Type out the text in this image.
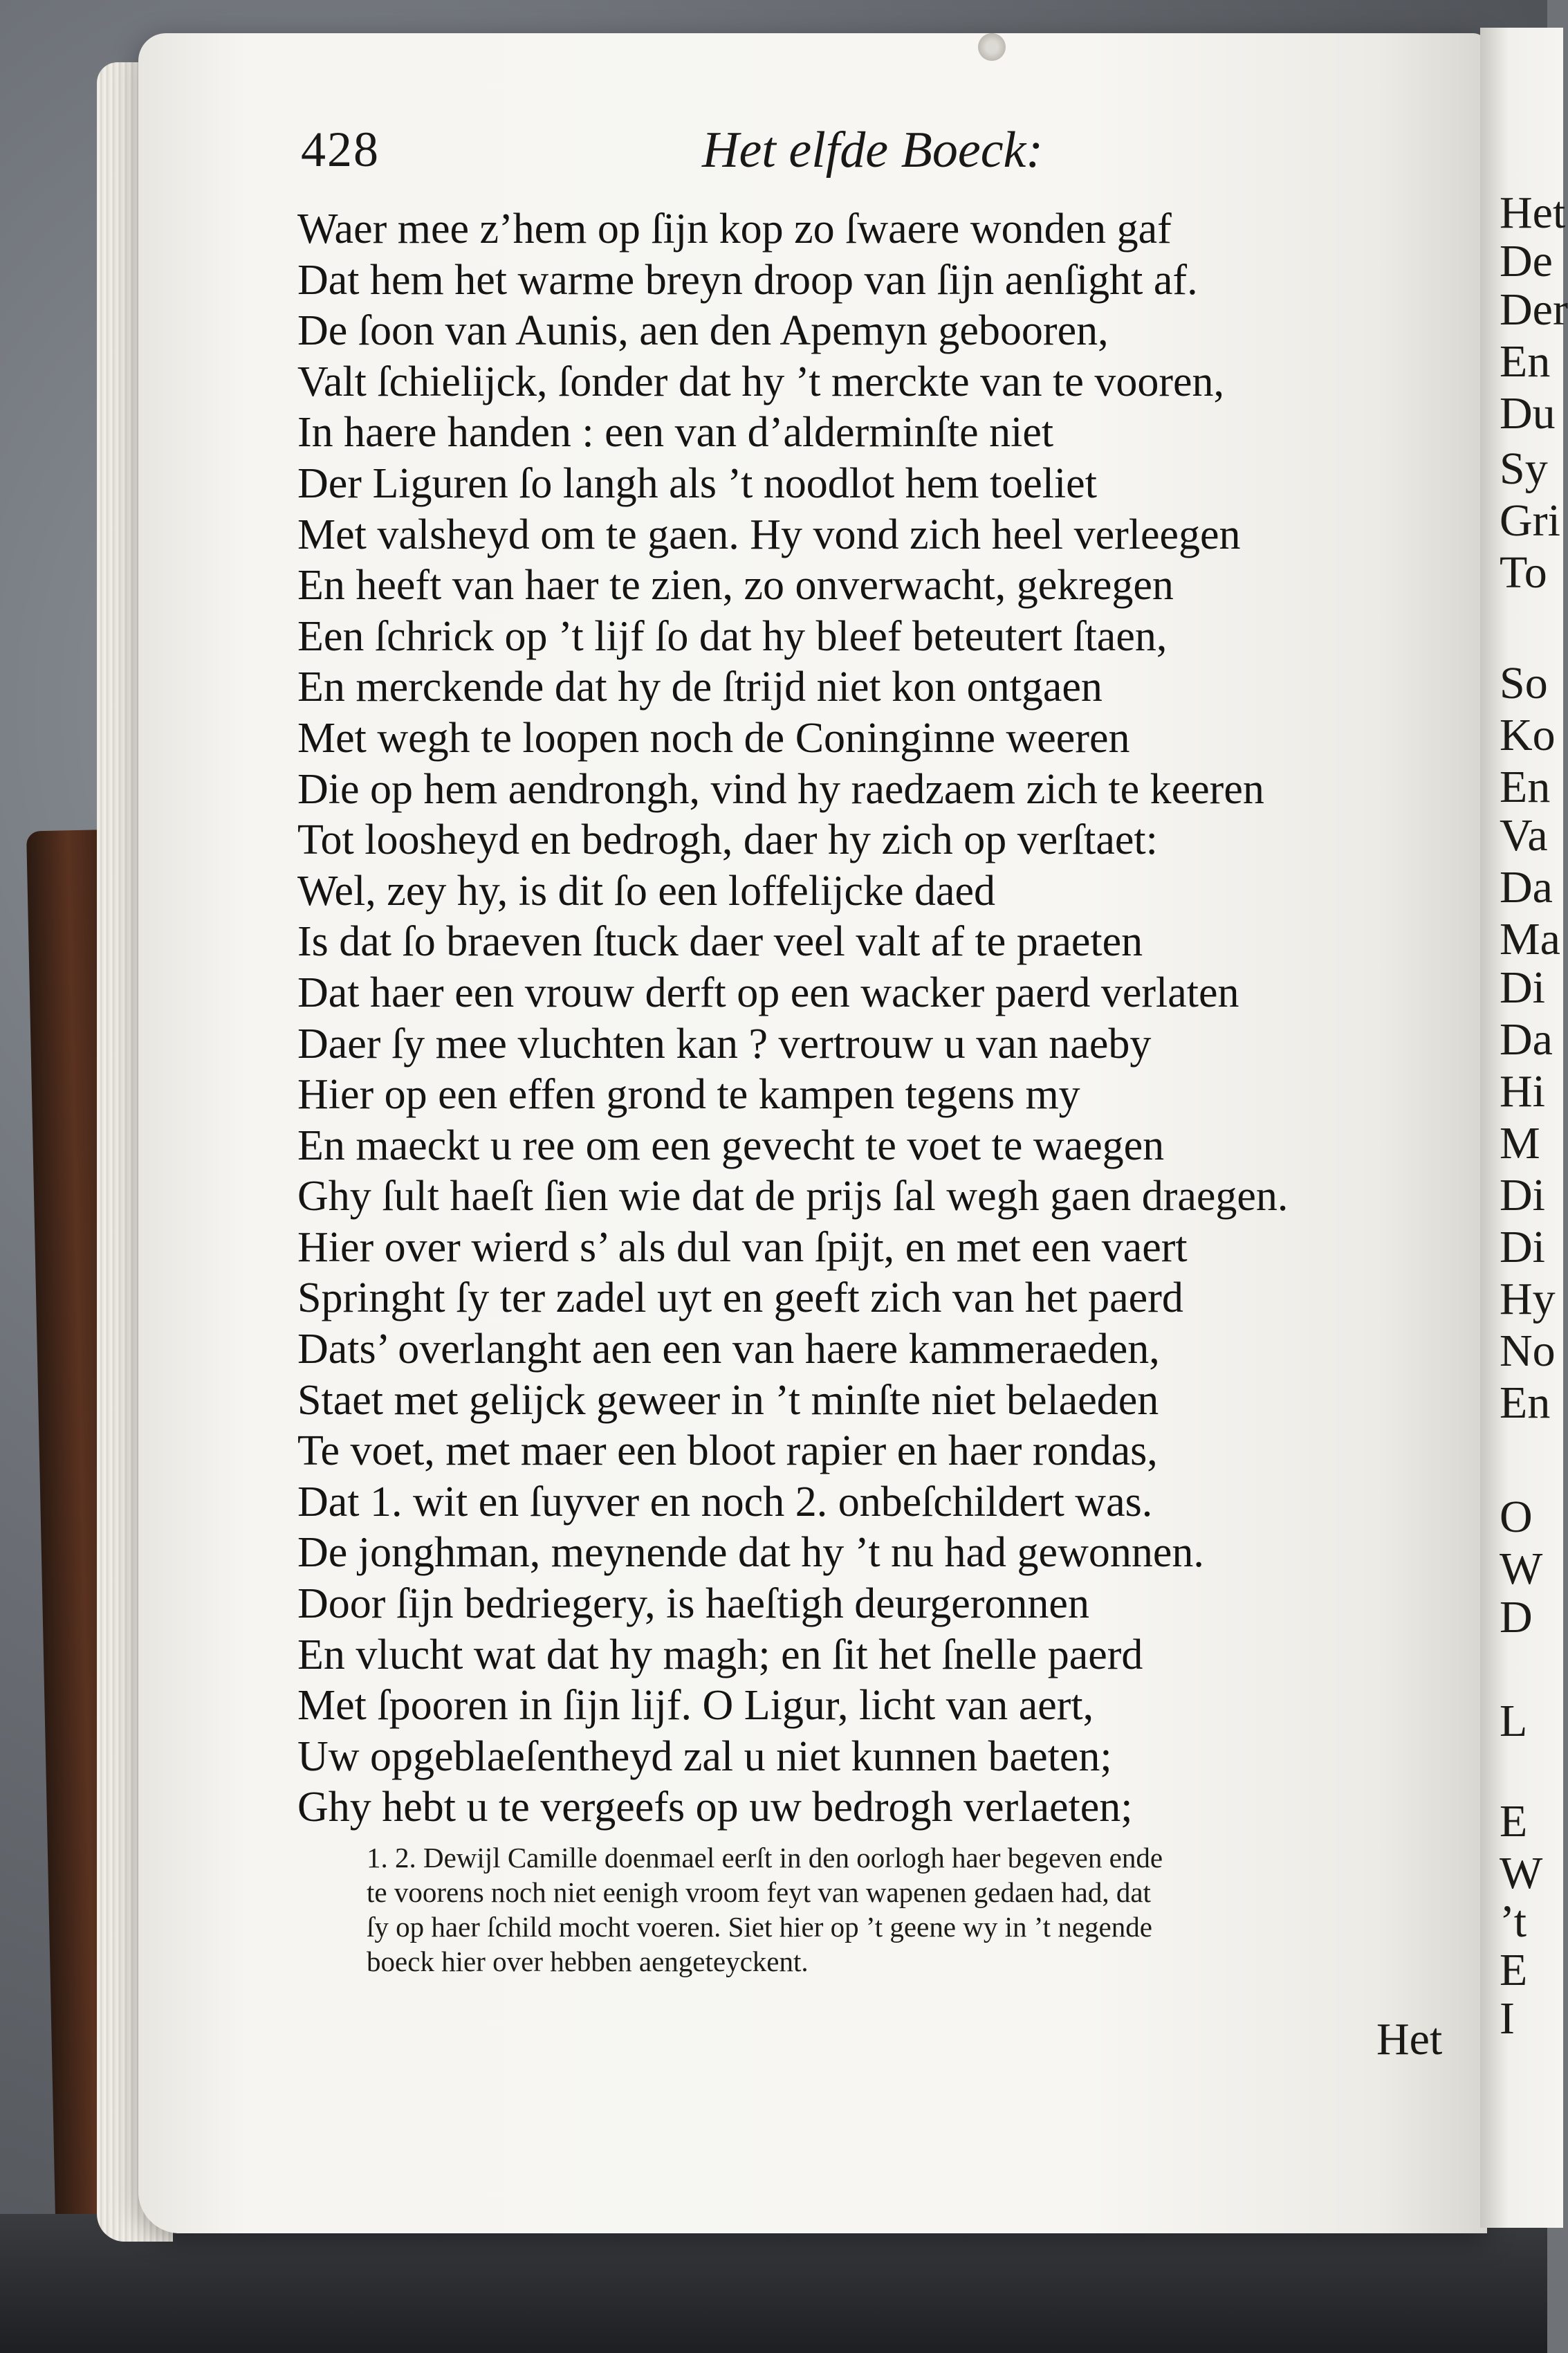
Het
De
Der
En
Du
Sy
Gri
To
So
Ko
En
Va
Da
Ma
Di
Da
Hi
M
Di
Di
Hy
No
En
O
W
D
L
E
W
’t
E
I
428	Het elfde Boeck:
Waer mee z’hem op ſijn kop zo ſwaere wonden gaf
Dat hem het warme breyn droop van ſijn aenſight af.
De ſoon van Aunis, aen den Apemyn gebooren,
Valt ſchielijck, ſonder dat hy ’t merckte van te vooren,
In haere handen : een van d’alderminſte niet
Der Liguren ſo langh als ’t noodlot hem toeliet
Met valsheyd om te gaen. Hy vond zich heel verleegen
En heeft van haer te zien, zo onverwacht, gekregen
Een ſchrick op ’t lijf ſo dat hy bleef beteutert ſtaen,
En merckende dat hy de ſtrijd niet kon ontgaen
Met wegh te loopen noch de Coninginne weeren
Die op hem aendrongh, vind hy raedzaem zich te keeren
Tot loosheyd en bedrogh, daer hy zich op verſtaet:
Wel, zey hy, is dit ſo een loffelijcke daed
Is dat ſo braeven ſtuck daer veel valt af te praeten
Dat haer een vrouw derft op een wacker paerd verlaten
Daer ſy mee vluchten kan ? vertrouw u van naeby
Hier op een effen grond te kampen tegens my
En maeckt u ree om een gevecht te voet te waegen
Ghy ſult haeſt ſien wie dat de prijs ſal wegh gaen draegen.
Hier over wierd s’ als dul van ſpijt, en met een vaert
Springht ſy ter zadel uyt en geeft zich van het paerd
Dats’ overlanght aen een van haere kammeraeden,
Staet met gelijck geweer in ’t minſte niet belaeden
Te voet, met maer een bloot rapier en haer rondas,
Dat 1. wit en ſuyver en noch 2. onbeſchildert was.
De jonghman, meynende dat hy ’t nu had gewonnen.
Door ſijn bedriegery, is haeſtigh deurgeronnen
En vlucht wat dat hy magh; en ſit het ſnelle paerd
Met ſpooren in ſijn lijf. O Ligur, licht van aert,
Uw opgeblaeſentheyd zal u niet kunnen baeten;
Ghy hebt u te vergeefs op uw bedrogh verlaeten;
1. 2. Dewijl Camille doenmael eerſt in den oorlogh haer begeven ende
te voorens noch niet eenigh vroom feyt van wapenen gedaen had, dat
ſy op haer ſchild mocht voeren. Siet hier op ’t geene wy in ’t negende
boeck hier over hebben aengeteyckent.
Het
